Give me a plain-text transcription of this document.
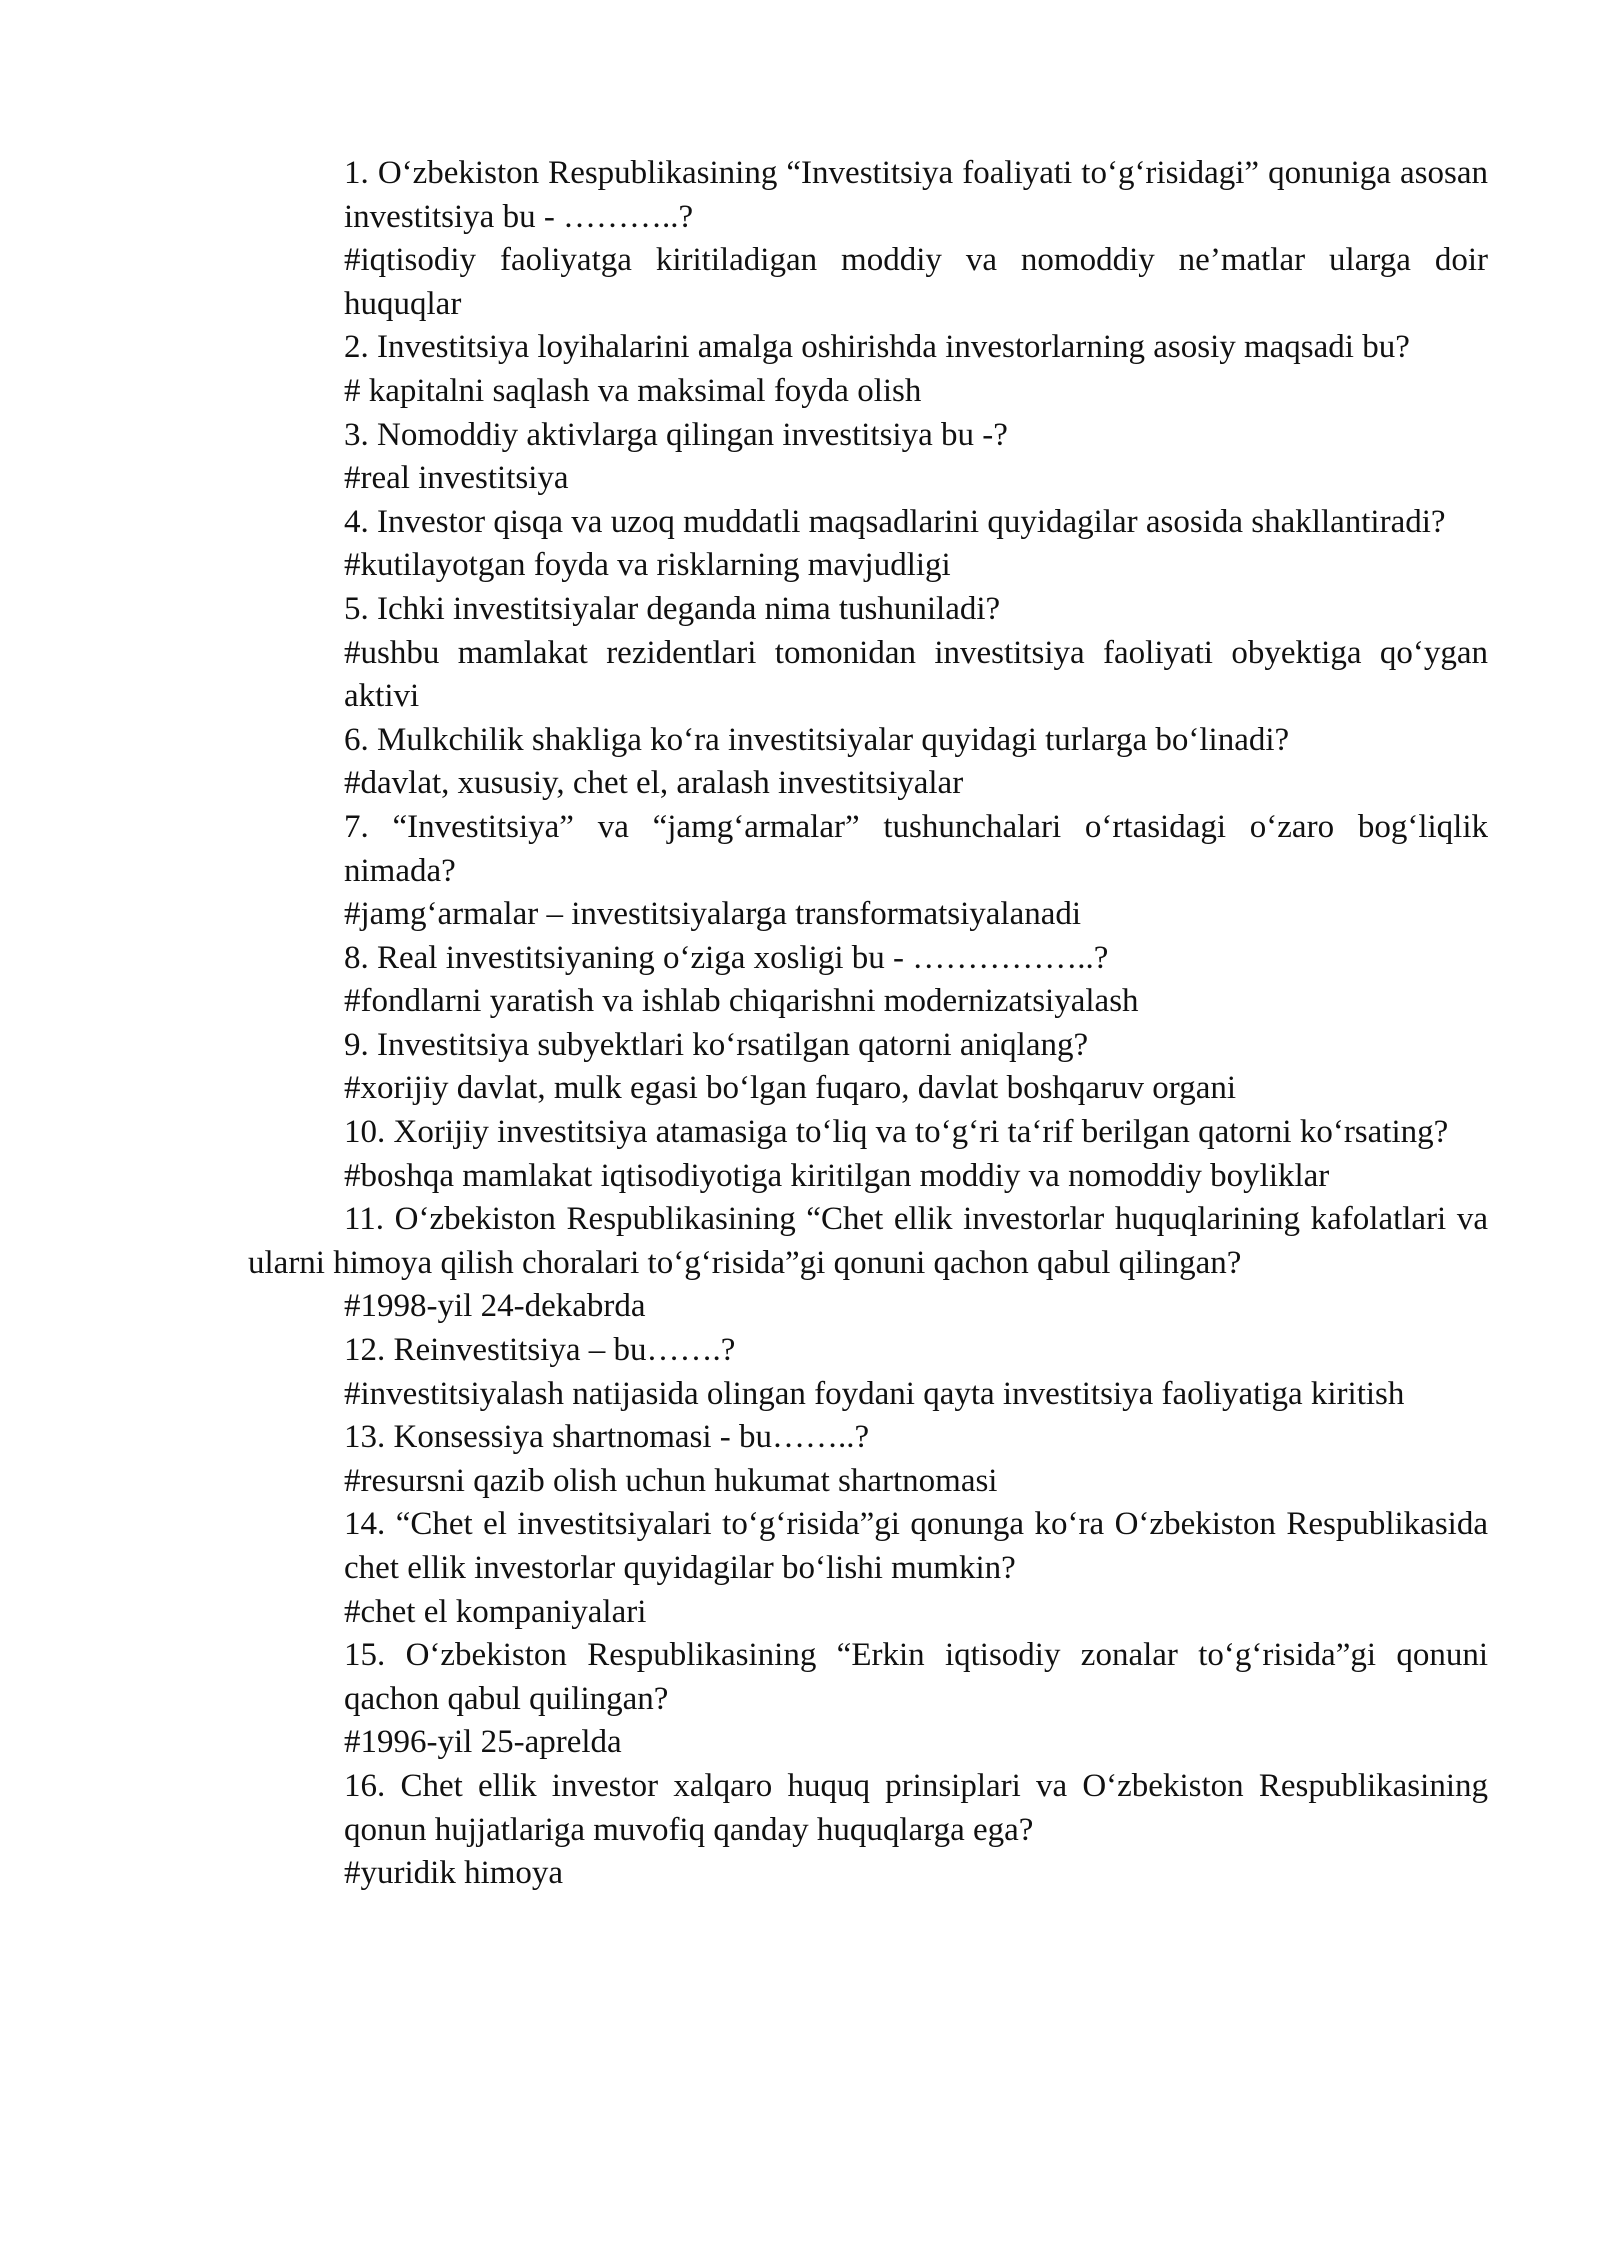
1. O‘zbekiston Respublikasining “Investitsiya foaliyati to‘g‘risidagi” qonuniga asosan investitsiya bu - ………..?

#iqtisodiy faoliyatga kiritiladigan moddiy va nomoddiy ne’matlar ularga doir huquqlar

2. Investitsiya loyihalarini amalga oshirishda investorlarning asosiy maqsadi bu?

# kapitalni saqlash va maksimal foyda olish

3. Nomoddiy aktivlarga qilingan investitsiya bu -?

#real investitsiya

4. Investor qisqa va uzoq muddatli maqsadlarini quyidagilar asosida shakllantiradi?

#kutilayotgan foyda va risklarning mavjudligi

5. Ichki investitsiyalar deganda nima tushuniladi?

#ushbu mamlakat rezidentlari tomonidan investitsiya faoliyati obyektiga qo‘ygan aktivi

6. Mulkchilik shakliga ko‘ra investitsiyalar quyidagi turlarga bo‘linadi?

#davlat, xususiy, chet el, aralash investitsiyalar

7. “Investitsiya” va “jamg‘armalar” tushunchalari o‘rtasidagi o‘zaro bog‘liqlik nimada?

#jamg‘armalar – investitsiyalarga transformatsiyalanadi

8. Real investitsiyaning o‘ziga xosligi bu - ……………..?

#fondlarni yaratish va ishlab chiqarishni modernizatsiyalash

9. Investitsiya subyektlari ko‘rsatilgan qatorni aniqlang?

#xorijiy davlat, mulk egasi bo‘lgan fuqaro, davlat boshqaruv organi

10. Xorijiy investitsiya atamasiga to‘liq va to‘g‘ri ta‘rif berilgan qatorni ko‘rsating?

#boshqa mamlakat iqtisodiyotiga kiritilgan moddiy va nomoddiy boyliklar

11. O‘zbekiston Respublikasining “Chet ellik investorlar huquqlarining kafolatlari va ularni himoya qilish choralari to‘g‘risida”gi qonuni qachon qabul qilingan?

#1998-yil 24-dekabrda

12. Reinvestitsiya – bu…….?

#investitsiyalash natijasida olingan foydani qayta investitsiya faoliyatiga kiritish

13. Konsessiya shartnomasi - bu……..?

#resursni qazib olish uchun hukumat shartnomasi

14. “Chet el investitsiyalari to‘g‘risida”gi qonunga ko‘ra O‘zbekiston Respublikasida chet ellik investorlar quyidagilar bo‘lishi mumkin?

#chet el kompaniyalari

15. O‘zbekiston Respublikasining “Erkin iqtisodiy zonalar to‘g‘risida”gi qonuni qachon qabul quilingan?

#1996-yil 25-aprelda

16. Chet ellik investor xalqaro huquq prinsiplari va O‘zbekiston Respublikasining qonun hujjatlariga muvofiq qanday huquqlarga ega?

#yuridik himoya
